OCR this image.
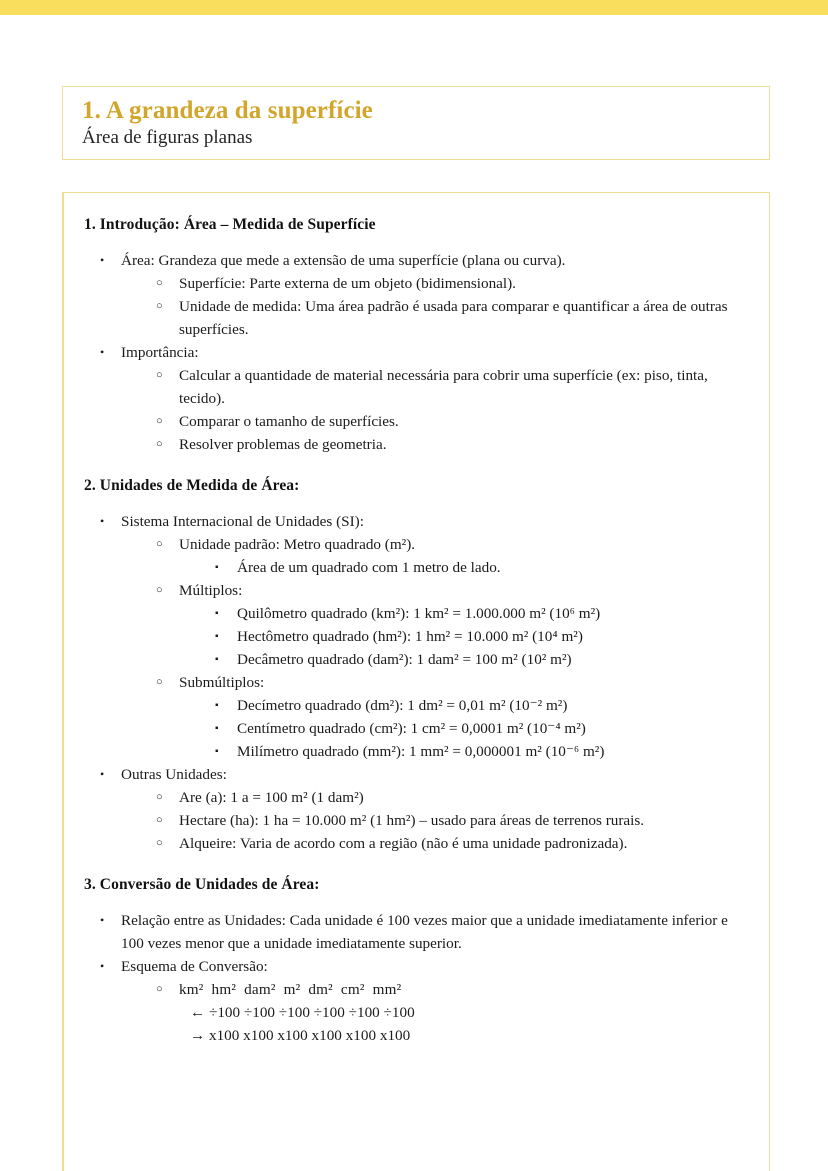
1. A grandeza da superfície
Área de figuras planas
1. Introdução: Área – Medida de Superfície
• Área: Grandeza que mede a extensão de uma superfície (plana ou curva).
○ Superfície: Parte externa de um objeto (bidimensional).
○ Unidade de medida: Uma área padrão é usada para comparar e quantificar a área de outras superfícies.
• Importância:
○ Calcular a quantidade de material necessária para cobrir uma superfície (ex: piso, tinta, tecido).
○ Comparar o tamanho de superfícies.
○ Resolver problemas de geometria.
2. Unidades de Medida de Área:
• Sistema Internacional de Unidades (SI):
○ Unidade padrão: Metro quadrado (m²).
▪ Área de um quadrado com 1 metro de lado.
○ Múltiplos:
▪ Quilômetro quadrado (km²): 1 km² = 1.000.000 m² (10⁶ m²)
▪ Hectômetro quadrado (hm²): 1 hm² = 10.000 m² (10⁴ m²)
▪ Decâmetro quadrado (dam²): 1 dam² = 100 m² (10² m²)
○ Submúltiplos:
▪ Decímetro quadrado (dm²): 1 dm² = 0,01 m² (10⁻² m²)
▪ Centímetro quadrado (cm²): 1 cm² = 0,0001 m² (10⁻⁴ m²)
▪ Milímetro quadrado (mm²): 1 mm² = 0,000001 m² (10⁻⁶ m²)
• Outras Unidades:
○ Are (a): 1 a = 100 m² (1 dam²)
○ Hectare (ha): 1 ha = 10.000 m² (1 hm²) – usado para áreas de terrenos rurais.
○ Alqueire: Varia de acordo com a região (não é uma unidade padronizada).
3. Conversão de Unidades de Área:
• Relação entre as Unidades: Cada unidade é 100 vezes maior que a unidade imediatamente inferior e 100 vezes menor que a unidade imediatamente superior.
• Esquema de Conversão:
○ km²  hm²  dam²  m²  dm²  cm²  mm²
← ÷100 ÷100 ÷100 ÷100 ÷100 ÷100
→ x100 x100 x100 x100 x100 x100
